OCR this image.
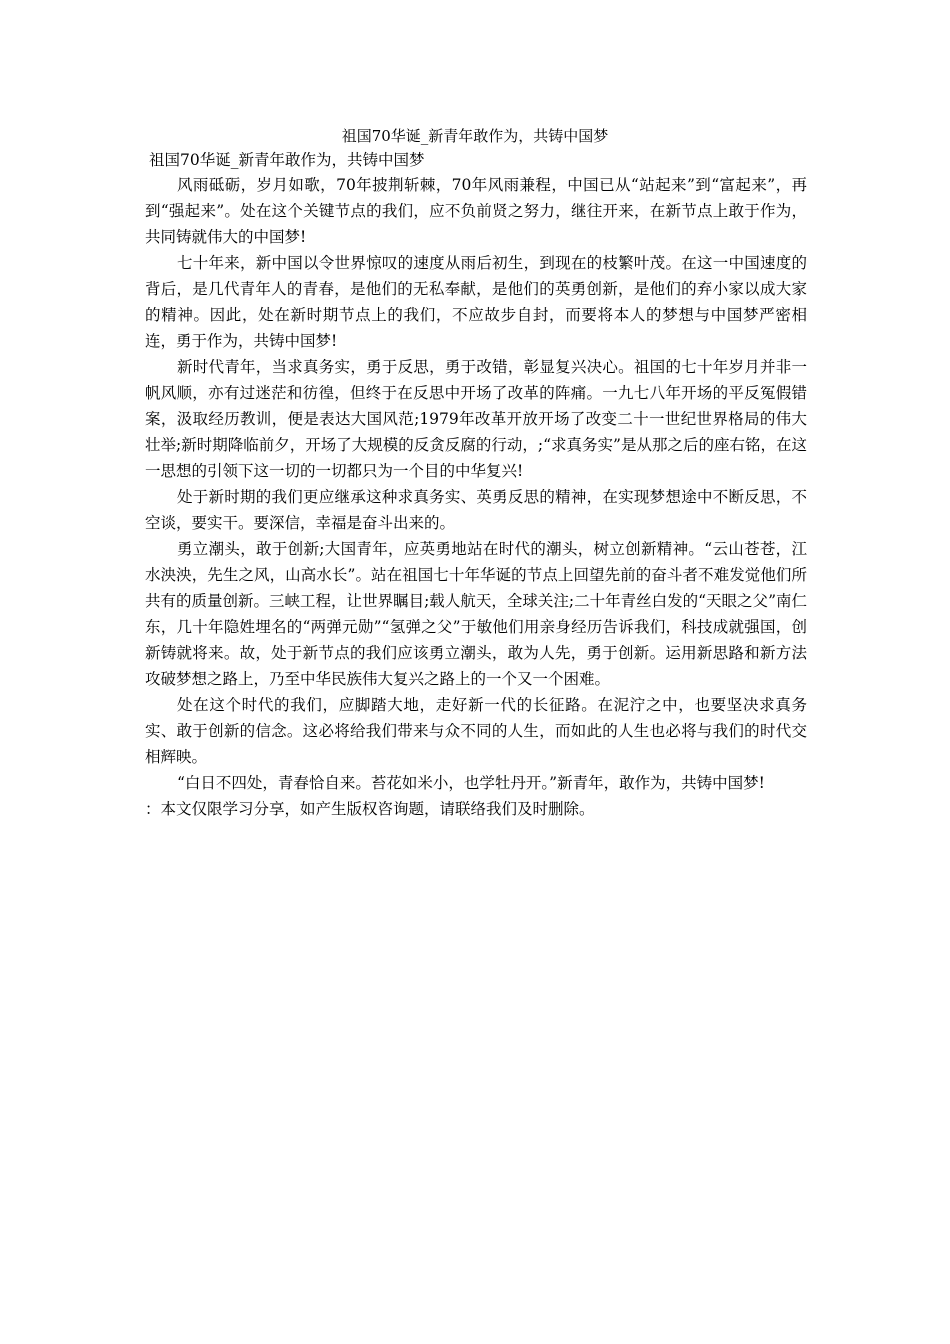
祖国70华诞_新青年敢作为，共铸中国梦

祖国70华诞_新青年敢作为，共铸中国梦

风雨砥砺，岁月如歌，70年披荆斩棘，70年风雨兼程，中国已从“站起来”到“富起来”，再到“强起来”。处在这个关键节点的我们，应不负前贤之努力，继往开来，在新节点上敢于作为，共同铸就伟大的中国梦!

七十年来，新中国以令世界惊叹的速度从雨后初生，到现在的枝繁叶茂。在这一中国速度的背后，是几代青年人的青春，是他们的无私奉献，是他们的英勇创新，是他们的弃小家以成大家的精神。因此，处在新时期节点上的我们，不应故步自封，而要将本人的梦想与中国梦严密相连，勇于作为，共铸中国梦!

新时代青年，当求真务实，勇于反思，勇于改错，彰显复兴决心。祖国的七十年岁月并非一帆风顺，亦有过迷茫和彷徨，但终于在反思中开场了改革的阵痛。一九七八年开场的平反冤假错案，汲取经历教训，便是表达大国风范;1979年改革开放开场了改变二十一世纪世界格局的伟大壮举;新时期降临前夕，开场了大规模的反贪反腐的行动，;“求真务实”是从那之后的座右铭，在这一思想的引领下这一切的一切都只为一个目的中华复兴!

处于新时期的我们更应继承这种求真务实、英勇反思的精神，在实现梦想途中不断反思，不空谈，要实干。要深信，幸福是奋斗出来的。

勇立潮头，敢于创新;大国青年，应英勇地站在时代的潮头，树立创新精神。“云山苍苍，江水泱泱，先生之风，山高水长”。站在祖国七十年华诞的节点上回望先前的奋斗者不难发觉他们所共有的质量创新。三峡工程，让世界瞩目;载人航天，全球关注;二十年青丝白发的“天眼之父”南仁东，几十年隐姓埋名的“两弹元勋”“氢弹之父”于敏他们用亲身经历告诉我们，科技成就强国，创新铸就将来。故，处于新节点的我们应该勇立潮头，敢为人先，勇于创新。运用新思路和新方法攻破梦想之路上，乃至中华民族伟大复兴之路上的一个又一个困难。

处在这个时代的我们，应脚踏大地，走好新一代的长征路。在泥泞之中，也要坚决求真务实、敢于创新的信念。这必将给我们带来与众不同的人生，而如此的人生也必将与我们的时代交相辉映。

“白日不四处，青春恰自来。苔花如米小，也学牡丹开。”新青年，敢作为，共铸中国梦!

：本文仅限学习分享，如产生版权咨询题，请联络我们及时删除。
